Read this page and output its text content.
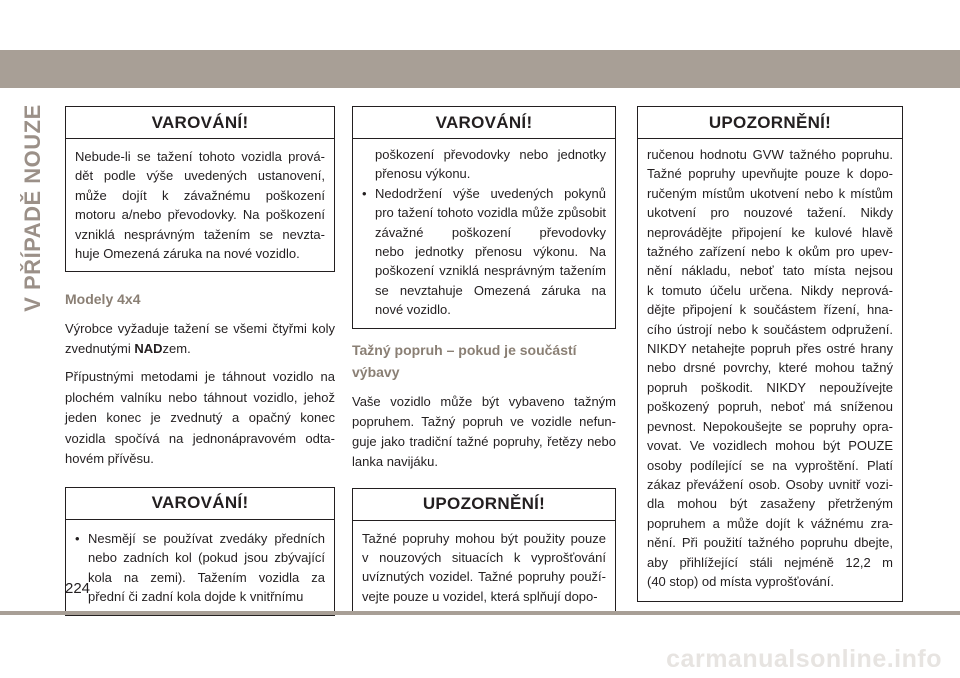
V PŘÍPADĚ NOUZE	VAROVÁNÍ!
Nebude-li se tažení tohoto vozidla prová-
dět podle výše uvedených ustanovení,
může dojít k závažnému poškození
motoru a/nebo převodovky. Na poškození
vzniklá nesprávným tažením se nevzta-
huje Omezená záruka na nové vozidlo.

Modely 4x4

Výrobce vyžaduje tažení se všemi čtyřmi koly zvednutými NADzem.

Přípustnými metodami je táhnout vozidlo na plochém valníku nebo táhnout vozidlo, jehož jeden konec je zvednutý a opačný konec vozidla spočívá na jednonápravovém odta-hovém přívěsu.

VAROVÁNÍ!
• Nesmějí se používat zvedáky předních
nebo zadních kol (pokud jsou zbývající
kola na zemi). Tažením vozidla za
přední či zadní kola dojde k vnitřnímu
VAROVÁNÍ!
poškození převodovky nebo jednotky
přenosu výkonu.
• Nedodržení výše uvedených pokynů
pro tažení tohoto vozidla může způsobit
závažné poškození převodovky
nebo jednotky přenosu výkonu. Na
poškození vzniklá nesprávným tažením
se nevztahuje Omezená záruka na
nové vozidlo.

Tažný popruh – pokud je součástí
výbavy

Vaše vozidlo může být vybaveno tažným popruhem. Tažný popruh ve vozidle nefun-guje jako tradiční tažné popruhy, řetězy nebo lanka navijáku.

UPOZORNĚNÍ!
Tažné popruhy mohou být použity pouze
v nouzových situacích k vyprošťování
uvíznutých vozidel. Tažné popruhy použí-
vejte pouze u vozidel, která splňují dopo-
UPOZORNĚNÍ!
ručenou hodnotu GVW tažného popruhu.
Tažné popruhy upevňujte pouze k dopo-
ručeným místům ukotvení nebo k místům
ukotvení pro nouzové tažení. Nikdy
neprovádějte připojení ke kulové hlavě
tažného zařízení nebo k okům pro upev-
nění nákladu, neboť tato místa nejsou
k tomuto účelu určena. Nikdy neprová-
dějte připojení k součástem řízení, hna-
cího ústrojí nebo k součástem odpružení.
NIKDY netahejte popruh přes ostré hrany
nebo drsné povrchy, které mohou tažný
popruh poškodit. NIKDY nepoužívejte
poškozený popruh, neboť má sníženou
pevnost. Nepokoušejte se popruhy opra-
vovat. Ve vozidlech mohou být POUZE
osoby podílející se na vyproštění. Platí
zákaz převážení osob. Osoby uvnitř vozi-
dla mohou být zasaženy přetrženým
popruhem a může dojít k vážnému zra-
nění. Při použití tažného popruhu dbejte,
aby přihlížející stáli nejméně 12,2 m
(40 stop) od místa vyprošťování.
224
carmanualsonline.info
